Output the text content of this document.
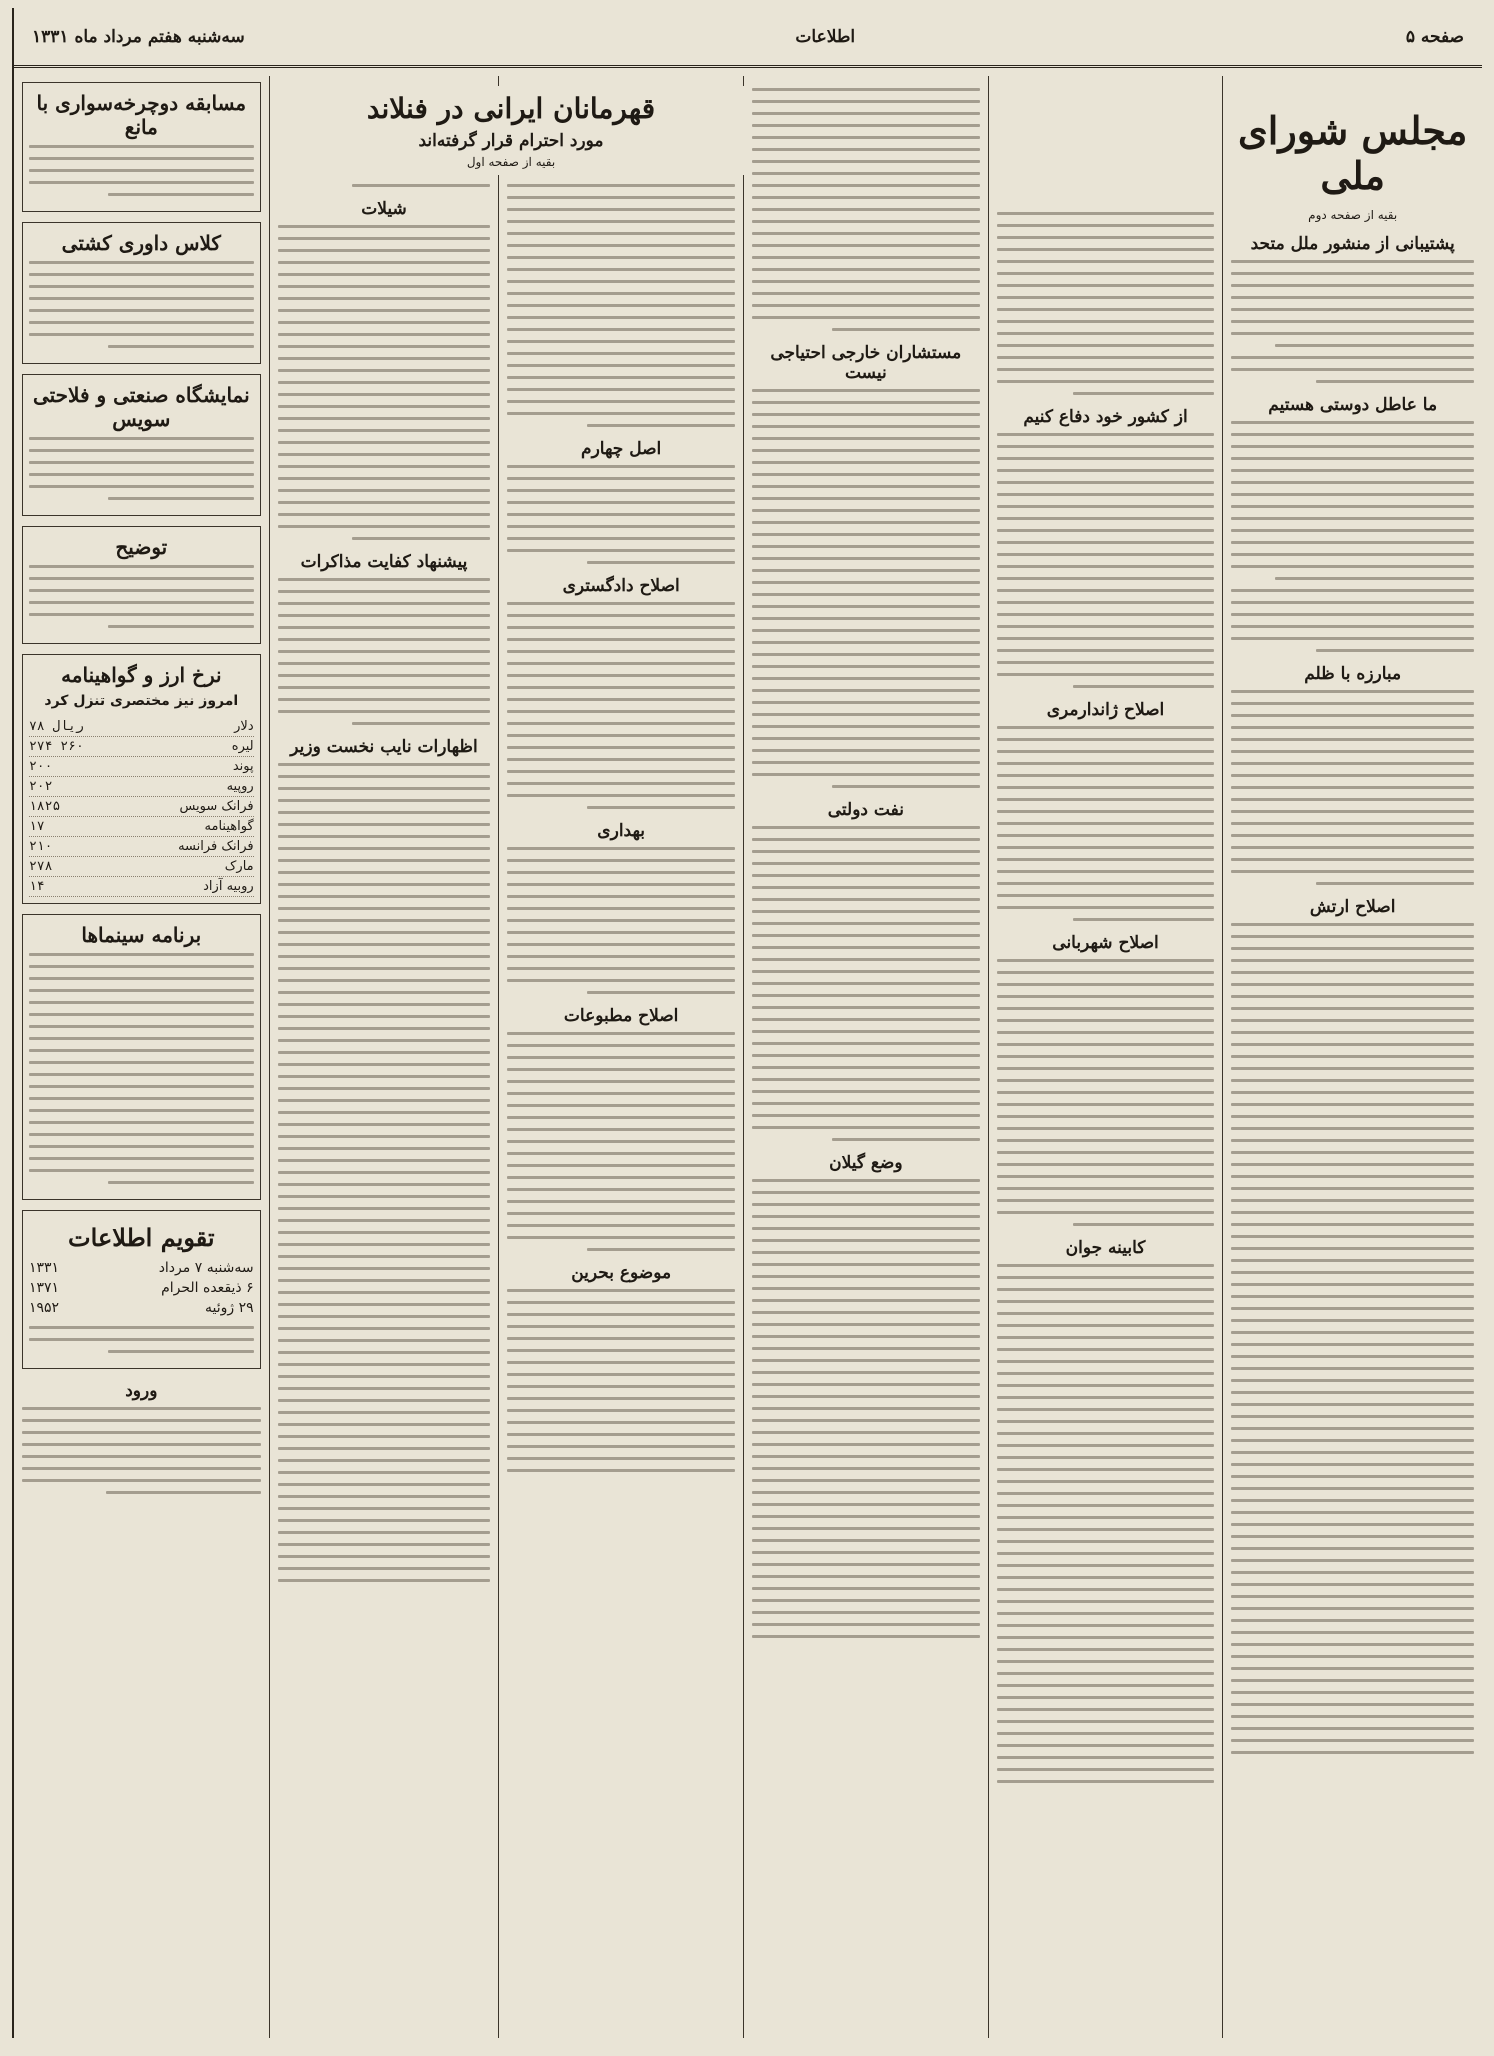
صفحه ۵
اطلاعات
سه‌شنبه هفتم مرداد ماه ۱۳۳۱
مجلس شورای ملی
بقیه از صفحه دوم
پشتیبانی از منشور ملل متحد
ما عاطل دوستی هستیم
مبارزه با ظلم
اصلاح ارتش
از کشور خود دفاع کنیم
اصلاح ژاندارمری
اصلاح شهربانی
کابینه جوان
مستشاران خارجی احتیاجی نیست
نفت دولتی
وضع گیلان
اصل چهارم
اصلاح دادگستری
بهداری
اصلاح مطبوعات
موضوع بحرین
شیلات
پیشنهاد کفایت مذاکرات
اظهارات نایب نخست وزیر
مسابقه دوچرخه‌سواری با مانع
کلاس داوری کشتی
نمایشگاه صنعتی و فلاحتی سویس
توضیح
نرخ ارز و گواهینامه
امروز نیز مختصری تنزل کرد
دلار
۷۸ ریال
لیره
۲۷۴ ۲۶۰
پوند
۲۰۰
روپیه
۲۰۲
فرانک سویس
۱۸۲۵
گواهینامه
۱۷
فرانک فرانسه
۲۱۰
مارک
۲۷۸
روبیه آزاد
۱۴
برنامه سینماها
تقویم اطلاعات
سه‌شنبه ۷ مرداد
۱۳۳۱
۶ ذیقعده الحرام
۱۳۷۱
۲۹ ژوئیه
۱۹۵۲
ورود
قهرمانان ایرانی در فنلاند
مورد احترام قرار گرفته‌اند
بقیه از صفحه اول
